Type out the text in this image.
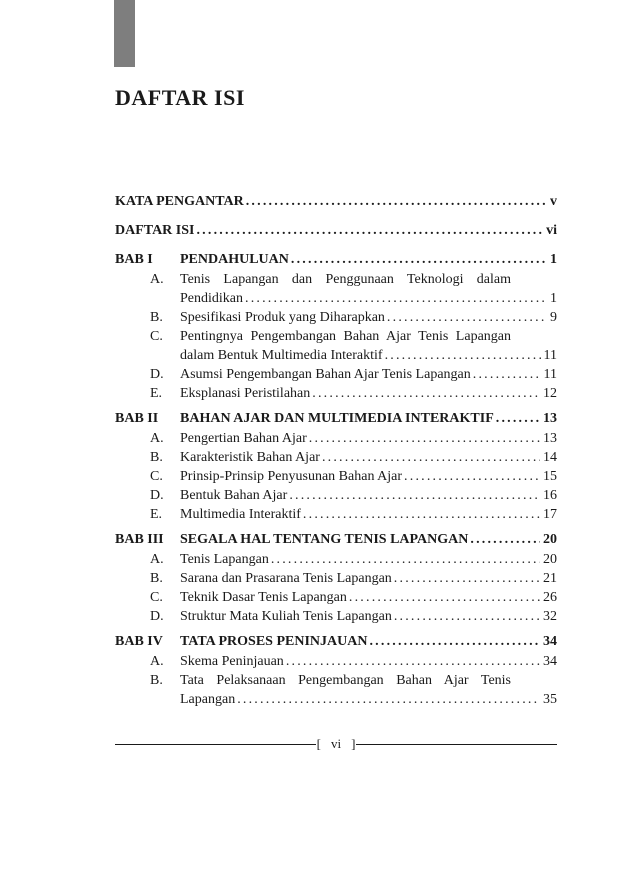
DAFTAR ISI
KATA PENGANTAR .....	v
DAFTAR ISI .....	vi
BAB I	PENDAHULUAN .....	1
A.	Tenis Lapangan dan Penggunaan Teknologi dalam
Pendidikan .....	1
B.	Spesifikasi Produk yang Diharapkan .....	9
C.	Pentingnya Pengembangan Bahan Ajar Tenis Lapangan
dalam Bentuk Multimedia Interaktif .....	11
D.	Asumsi Pengembangan Bahan Ajar Tenis Lapangan .....	11
E.	Eksplanasi Peristilahan .....	12
BAB II	BAHAN AJAR DAN MULTIMEDIA INTERAKTIF .....	13
A.	Pengertian Bahan Ajar .....	13
B.	Karakteristik Bahan Ajar .....	14
C.	Prinsip-Prinsip Penyusunan Bahan Ajar .....	15
D.	Bentuk Bahan Ajar .....	16
E.	Multimedia Interaktif .....	17
BAB III	SEGALA HAL TENTANG TENIS LAPANGAN .....	20
A.	Tenis Lapangan .....	20
B.	Sarana dan Prasarana Tenis Lapangan .....	21
C.	Teknik Dasar Tenis Lapangan .....	26
D.	Struktur Mata Kuliah Tenis Lapangan .....	32
BAB IV	TATA PROSES PENINJAUAN .....	34
A.	Skema Peninjauan .....	34
B.	Tata Pelaksanaan Pengembangan Bahan Ajar Tenis
Lapangan .....	35
[ vi ]
